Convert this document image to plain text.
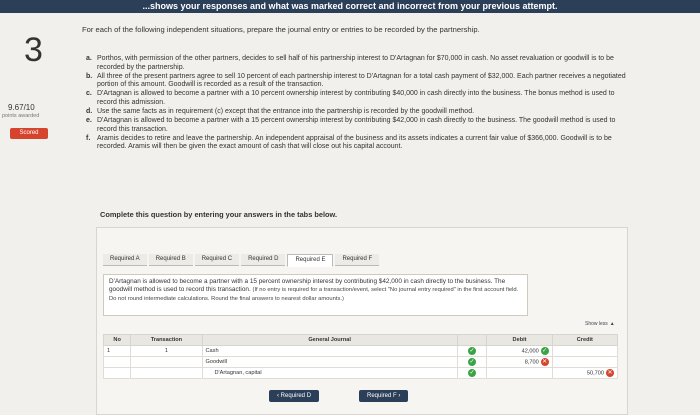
...shows your responses and what was marked correct and incorrect from your previous attempt.
3
9.67/10
points awarded
Scored
For each of the following independent situations, prepare the journal entry or entries to be recorded by the partnership.
a. Porthos, with permission of the other partners, decides to sell half of his partnership interest to D'Artagnan for $70,000 in cash. No asset revaluation or goodwill is to be recorded by the partnership.
b. All three of the present partners agree to sell 10 percent of each partnership interest to D'Artagnan for a total cash payment of $32,000. Each partner receives a negotiated portion of this amount. Goodwill is recorded as a result of the transaction.
c. D'Artagnan is allowed to become a partner with a 10 percent ownership interest by contributing $40,000 in cash directly into the business. The bonus method is used to record this admission.
d. Use the same facts as in requirement (c) except that the entrance into the partnership is recorded by the goodwill method.
e. D'Artagnan is allowed to become a partner with a 15 percent ownership interest by contributing $42,000 in cash directly to the business. The goodwill method is used to record this transaction.
f. Aramis decides to retire and leave the partnership. An independent appraisal of the business and its assets indicates a current fair value of $366,000. Goodwill is to be recorded. Aramis will then be given the exact amount of cash that will close out his capital account.
Complete this question by entering your answers in the tabs below.
Required A	Required B	Required C	Required D	Required E	Required F
D'Artagnan is allowed to become a partner with a 15 percent ownership interest by contributing $42,000 in cash directly to the business. The goodwill method is used to record this transaction. (If no entry is required for a transaction/event, select "No journal entry required" in the first account field. Do not round intermediate calculations. Round the final answers to nearest dollar amounts.)
Show less ▲
No	Transaction	General Journal		Debit	Credit
1	1	Cash	✓	42,000 ✓	
		Goodwill	✓	8,700 ✕	
		D'Artagnan, capital	✓		50,700 ✕
‹ Required D	Required F ›
